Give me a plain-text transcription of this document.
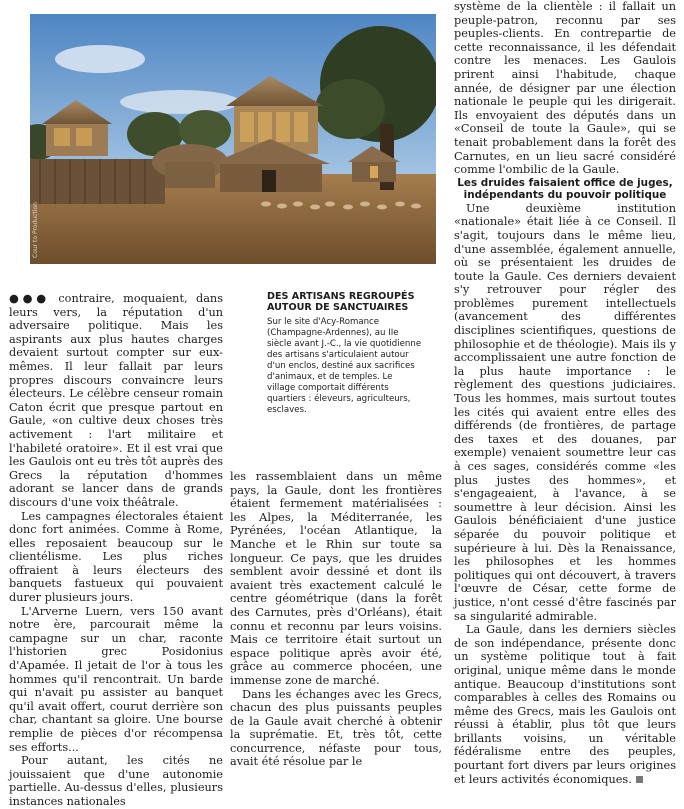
Cour to Production
DES ARTISANS REGROUPÉS AUTOUR DE SANCTUAIRES

Sur le site d'Acy-Romance (Champagne-Ardennes), au IIe siècle avant J.-C., la vie quotidienne des artisans s'articulaient autour d'un enclos, destiné aux sacrifices d'animaux, et de temples. Le village comportait différents quartiers : éleveurs, agriculteurs, esclaves.

●●● contraire, moquaient, dans leurs vers, la réputation d'un adversaire politique. Mais les aspirants aux plus hautes charges devaient surtout compter sur eux-mêmes. Il leur fallait par leurs propres discours convaincre leurs électeurs. Le célèbre censeur romain Caton écrit que presque partout en Gaule, «on cultive deux choses très activement : l'art militaire et l'habileté oratoire». Et il est vrai que les Gaulois ont eu très tôt auprès des Grecs la réputation d'hommes adorant se lancer dans de grands discours d'une voix théâtrale.

Les campagnes électorales étaient donc fort animées. Comme à Rome, elles reposaient beaucoup sur le clientélisme. Les plus riches offraient à leurs électeurs des banquets fastueux qui pouvaient durer plusieurs jours.

L'Arverne Luern, vers 150 avant notre ère, parcourait même la campagne sur un char, raconte l'historien grec Posidonius d'Apamée. Il jetait de l'or à tous les hommes qu'il rencontrait. Un barde qui n'avait pu assister au banquet qu'il avait offert, courut derrière son char, chantant sa gloire. Une bourse remplie de pièces d'or récompensa ses efforts...

Pour autant, les cités ne jouissaient que d'une autonomie partielle. Au-dessus d'elles, plusieurs instances nationales

les rassemblaient dans un même pays, la Gaule, dont les frontières étaient fermement matérialisées : les Alpes, la Méditerranée, les Pyrénées, l'océan Atlantique, la Manche et le Rhin sur toute sa longueur. Ce pays, que les druides semblent avoir dessiné et dont ils avaient très exactement calculé le centre géométrique (dans la forêt des Carnutes, près d'Orléans), était connu et reconnu par leurs voisins. Mais ce territoire était surtout un espace politique après avoir été, grâce au commerce phocéen, une immense zone de marché.

Dans les échanges avec les Grecs, chacun des plus puissants peuples de la Gaule avait cherché à obtenir la suprématie. Et, très tôt, cette concurrence, néfaste pour tous, avait été résolue par le

système de la clientèle : il fallait un peuple-patron, reconnu par ses peuples-clients. En contrepartie de cette reconnaissance, il les défendait contre les menaces. Les Gaulois prirent ainsi l'habitude, chaque année, de désigner par une élection nationale le peuple qui les dirigerait. Ils envoyaient des députés dans un «Conseil de toute la Gaule», qui se tenait probablement dans la forêt des Carnutes, en un lieu sacré considéré comme l'ombilic de la Gaule.

Les druides faisaient office de juges, indépendants du pouvoir politique

Une deuxième institution «nationale» était liée à ce Conseil. Il s'agit, toujours dans le même lieu, d'une assemblée, également annuelle, où se présentaient les druides de toute la Gaule. Ces derniers devaient s'y retrouver pour régler des problèmes purement intellectuels (avancement des différentes disciplines scientifiques, questions de philosophie et de théologie). Mais ils y accomplissaient une autre fonction de la plus haute importance : le règlement des questions judiciaires. Tous les hommes, mais surtout toutes les cités qui avaient entre elles des différends (de frontières, de partage des taxes et des douanes, par exemple) venaient soumettre leur cas à ces sages, considérés comme «les plus justes des hommes», et s'engageaient, à l'avance, à se soumettre à leur décision. Ainsi les Gaulois bénéficiaient d'une justice séparée du pouvoir politique et supérieure à lui. Dès la Renaissance, les philosophes et les hommes politiques qui ont découvert, à travers l'œuvre de César, cette forme de justice, n'ont cessé d'être fascinés par sa singularité admirable.

La Gaule, dans les derniers siècles de son indépendance, présente donc un système politique tout à fait original, unique même dans le monde antique. Beaucoup d'institutions sont comparables à celles des Romains ou même des Grecs, mais les Gaulois ont réussi à établir, plus tôt que leurs brillants voisins, un véritable fédéralisme entre des peuples, pourtant fort divers par leurs origines et leurs activités économiques.
